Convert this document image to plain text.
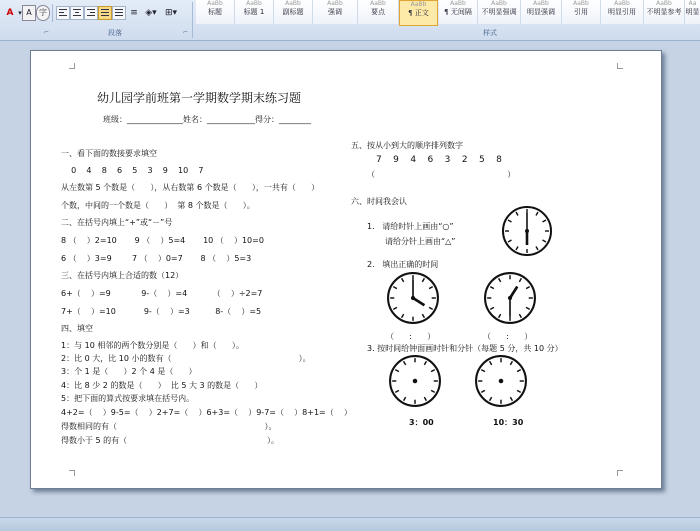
A ▾ A 字	≡ ◈▾ ⊞▾
段落
⌐	⌐
AaBb
标题
AaBb
标题 1
AaBb
副标题
AaBb
强调
AaBb
要点
AaBb
¶ 正文
AaBb
¶ 无间隔
AaBb
不明显强调
AaBb
明显强调
AaBb
引用
AaBb
明显引用
AaBb
不明显参考
Aa
明显
样式
幼儿园学前班第一学期数学期末练习题
班级：______________姓名：____________得分：________
一、看下面的数接要求填空
0    4    8    6    5    3    9    10    7
从左数第 5 个数是（      ），从右数第 6 个数是（      ），一共有（      ）
个数，中间的一个数是（      ）  第 8 个数是（      ）。
二、在括号内填上“+”或“－”号
8 （    ）2=10       9 （    ）5=4       10 （    ）10=0
6 （    ）3=9        7 （    ）0=7       8 （    ）5=3
三、在括号内填上合适的数（12）
6+（    ）=9            9-（    ）=4          （    ）÷2=7
7+（    ）=10           9-（    ）=3          8-（    ）=5
四、填空
1：与 10 相邻的两个数分别是（      ）和（      ）。
2：比 0 大，比 10 小的数有（                                                  ）。
3：个 1 是（      ）2 个 4 是（      ）
4：比 8 少 2 的数是（      ）  比 5 大 3 的数是（      ）
5：把下面的算式按要求填在括号内。
4+2=（    ）9-5=（    ）2+7=（    ）6+3=（    ）9-7=（    ）8+1=（    ）
得数相同的有（                                                          ）。
得数小于 5 的有（                                                       ）。
五、按从小到大的顺序排列数字
7    9    4    6    3    2    5    8
（                                                    ）
六、时间我会认
1.   请给时针上画由“○”
请给分针上画由“△”
2.   填出正确的时间
（      :      ）	（      :      ）
3. 按时间给钟面画时针和分针（每题 5 分，共 10 分）
3：00	10：30
